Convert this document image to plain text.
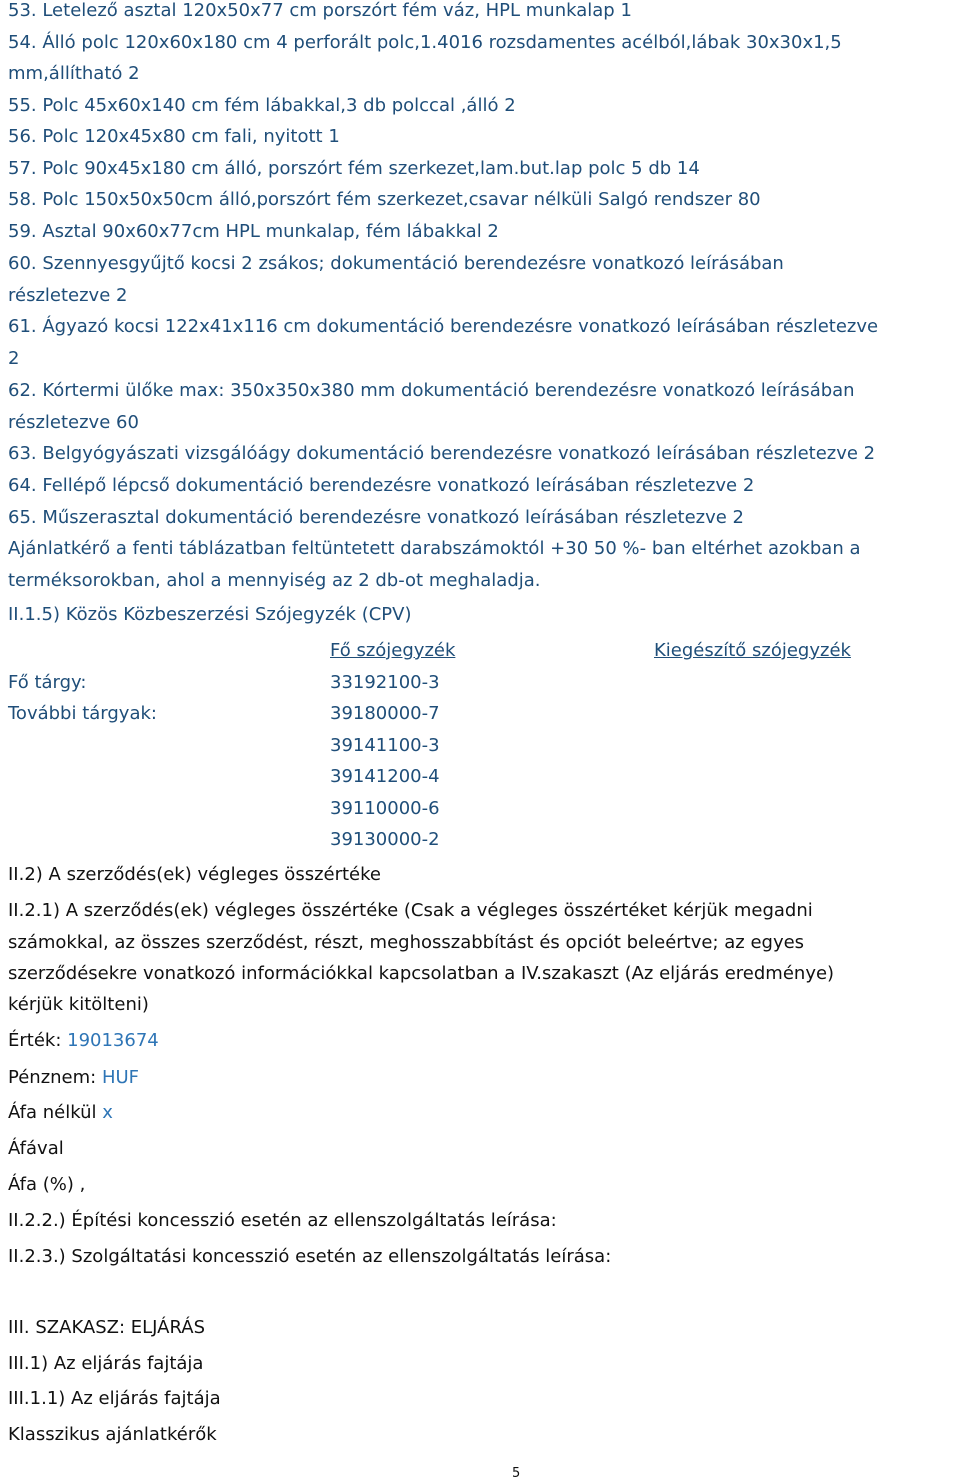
53. Letelező asztal 120x50x77 cm porszórt fém váz, HPL munkalap 1
54. Álló polc 120x60x180 cm 4 perforált polc,1.4016 rozsdamentes acélból,lábak 30x30x1,5
mm,állítható 2
55. Polc 45x60x140 cm fém lábakkal,3 db polccal ,álló 2
56. Polc 120x45x80 cm fali, nyitott 1
57. Polc 90x45x180 cm álló, porszórt fém szerkezet,lam.but.lap polc 5 db 14
58. Polc 150x50x50cm álló,porszórt fém szerkezet,csavar nélküli Salgó rendszer 80
59. Asztal 90x60x77cm HPL munkalap, fém lábakkal 2
60. Szennyesgyűjtő kocsi 2 zsákos; dokumentáció berendezésre vonatkozó leírásában
részletezve 2
61. Ágyazó kocsi 122x41x116 cm dokumentáció berendezésre vonatkozó leírásában részletezve
2
62. Kórtermi ülőke max: 350x350x380 mm dokumentáció berendezésre vonatkozó leírásában
részletezve 60
63. Belgyógyászati vizsgálóágy dokumentáció berendezésre vonatkozó leírásában részletezve 2
64. Fellépő lépcső dokumentáció berendezésre vonatkozó leírásában részletezve 2
65. Műszerasztal dokumentáció berendezésre vonatkozó leírásában részletezve 2
Ajánlatkérő a fenti táblázatban feltüntetett darabszámoktól +30 50 %- ban eltérhet azokban a
terméksorokban, ahol a mennyiség az 2 db-ot meghaladja.
II.1.5) Közös Közbeszerzési Szójegyzék (CPV)
Fő szójegyzék	Kiegészítő szójegyzék
Fő tárgy:	33192100-3
További tárgyak:	39180000-7
39141100-3
39141200-4
39110000-6
39130000-2
II.2) A szerződés(ek) végleges összértéke
II.2.1) A szerződés(ek) végleges összértéke (Csak a végleges összértéket kérjük megadni
számokkal, az összes szerződést, részt, meghosszabbítást és opciót beleértve; az egyes
szerződésekre vonatkozó információkkal kapcsolatban a IV.szakaszt (Az eljárás eredménye)
kérjük kitölteni)
Érték: 19013674
Pénznem: HUF
Áfa nélkül x
Áfával
Áfa (%) ,
II.2.2.) Építési koncesszió esetén az ellenszolgáltatás leírása:
II.2.3.) Szolgáltatási koncesszió esetén az ellenszolgáltatás leírása:
III. SZAKASZ: ELJÁRÁS
III.1) Az eljárás fajtája
III.1.1) Az eljárás fajtája
Klasszikus ajánlatkérők
5
